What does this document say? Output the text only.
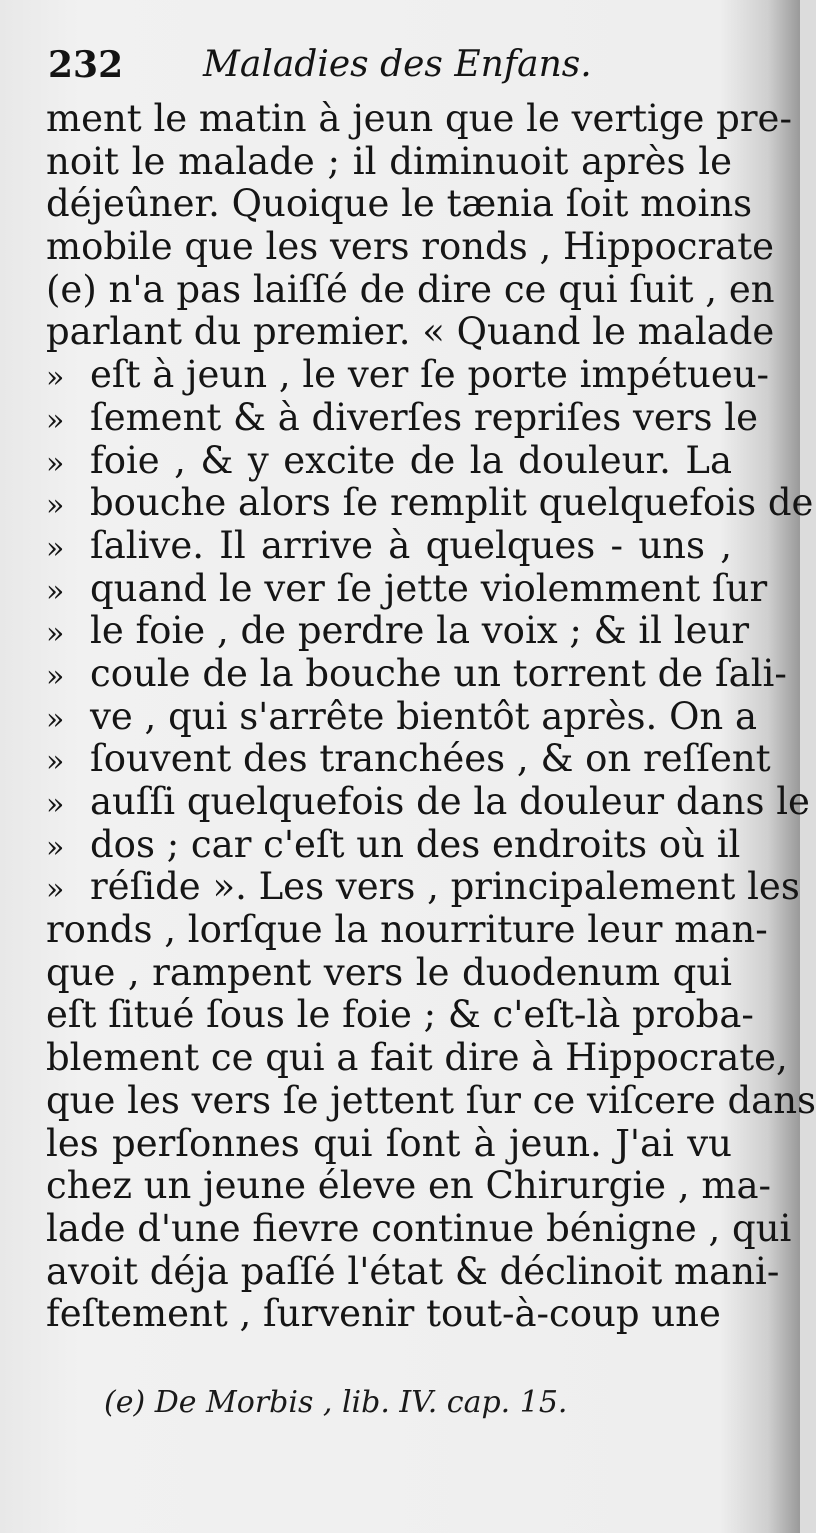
232 Maladies des Enfans.
ment le matin à jeun que le vertige pre-
noit le malade ; il diminuoit après le
déjeûner. Quoique le tænia ſoit moins
mobile que les vers ronds , Hippocrate
(e) n'a pas laiſſé de dire ce qui ſuit , en
parlant du premier. « Quand le malade
» eſt à jeun , le ver ſe porte impétueu-
» ſement & à diverſes repriſes vers le
» foie , & y excite de la douleur. La
» bouche alors ſe remplit quelquefois de
» ſalive. Il arrive à quelques - uns ,
» quand le ver ſe jette violemment ſur
» le foie , de perdre la voix ; & il leur
» coule de la bouche un torrent de ſali-
» ve , qui s'arrête bientôt après. On a
» ſouvent des tranchées , & on reſſent
» auſſi quelquefois de la douleur dans le
» dos ; car c'eſt un des endroits où il
» réſide ». Les vers , principalement les
ronds , lorſque la nourriture leur man-
que , rampent vers le duodenum qui
eſt ſitué ſous le foie ; & c'eſt-là proba-
blement ce qui a fait dire à Hippocrate,
que les vers ſe jettent ſur ce viſcere dans
les perſonnes qui ſont à jeun. J'ai vu
chez un jeune éleve en Chirurgie , ma-
lade d'une fievre continue bénigne , qui
avoit déja paſſé l'état & déclinoit mani-
feſtement , ſurvenir tout-à-coup une
(e) De Morbis , lib. IV. cap. 15.
